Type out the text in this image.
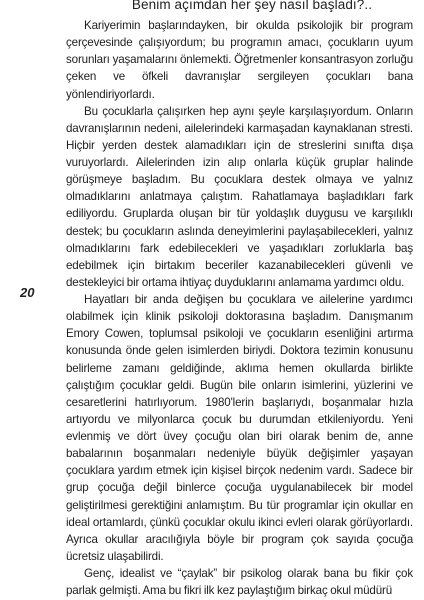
Benim açımdan her şey nasıl başladı?..
20

Kariyerimin başlarındayken, bir okulda psikolojik bir program çerçevesinde çalışıyordum; bu programın amacı, çocukların uyum sorunları yaşamalarını önlemekti. Öğretmenler konsantrasyon zorluğu çeken ve öfkeli davranışlar sergileyen çocukları bana yönlendiriyorlardı.

Bu çocuklarla çalışırken hep aynı şeyle karşılaşıyordum. Onların davranışlarının nedeni, ailelerindeki karmaşadan kaynaklanan stresti. Hiçbir yerden destek alamadıkları için de streslerini sınıfta dışa vuruyorlardı. Ailelerinden izin alıp onlarla küçük gruplar halinde görüşmeye başladım. Bu çocuklara destek olmaya ve yalnız olmadıklarını anlatmaya çalıştım. Rahatlamaya başladıkları fark ediliyordu. Gruplarda oluşan bir tür yoldaşlık duygusu ve karşılıklı destek; bu çocukların aslında deneyimlerini paylaşabilecekleri, yalnız olmadıklarını fark edebilecekleri ve yaşadıkları zorluklarla baş edebilmek için birtakım beceriler kazanabilecekleri güvenli ve destekleyici bir ortama ihtiyaç duyduklarını anlamama yardımcı oldu.

Hayatları bir anda değişen bu çocuklara ve ailelerine yardımcı olabilmek için klinik psikoloji doktorasına başladım. Danışmanım Emory Cowen, toplumsal psikoloji ve çocukların esenliğini artırma konusunda önde gelen isimlerden biriydi. Doktora tezimin konusunu belirleme zamanı geldiğinde, aklıma hemen okullarda birlikte çalıştığım çocuklar geldi. Bugün bile onların isimlerini, yüzlerini ve cesaretlerini hatırlıyorum. 1980'lerin başlarıydı, boşanmalar hızla artıyordu ve milyonlarca çocuk bu durumdan etkileniyordu. Yeni evlenmiş ve dört üvey çocuğu olan biri olarak benim de, anne babalarının boşanmaları nedeniyle büyük değişimler yaşayan çocuklara yardım etmek için kişisel birçok nedenim vardı. Sadece bir grup çocuğa değil binlerce çocuğa uygulanabilecek bir model geliştirilmesi gerektiğini anlamıştım. Bu tür programlar için okullar en ideal ortamlardı, çünkü çocuklar okulu ikinci evleri olarak görüyorlardı. Ayrıca okullar aracılığıyla böyle bir program çok sayıda çocuğa ücretsiz ulaşabilirdi.

Genç, idealist ve “çaylak” bir psikolog olarak bana bu fikir çok parlak gelmişti. Ama bu fikri ilk kez paylaştığım birkaç okul müdürü
